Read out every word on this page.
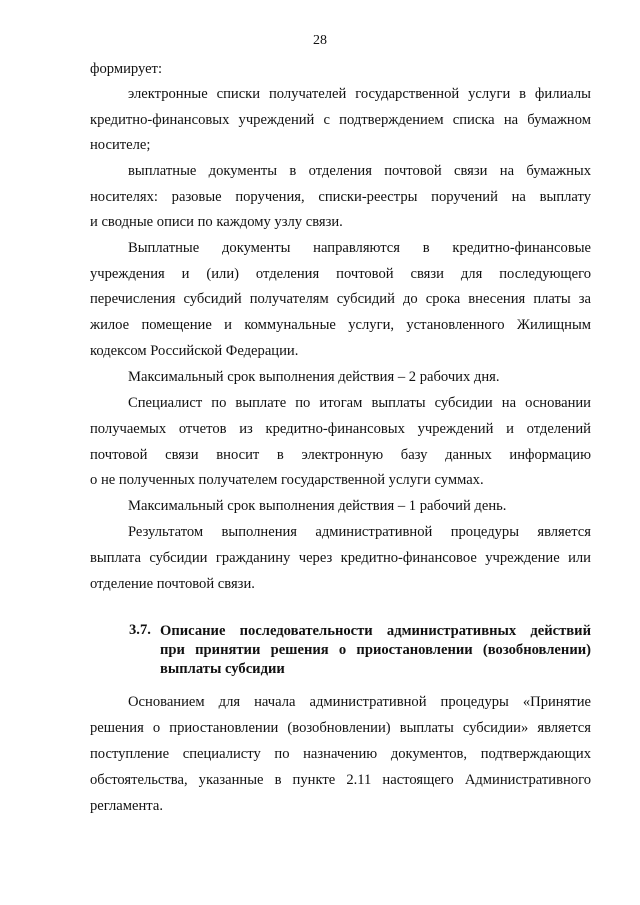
28
формирует:
электронные списки получателей государственной услуги в филиалы
кредитно-финансовых учреждений с подтверждением списка на бумажном
носителе;
выплатные документы в отделения почтовой связи на бумажных
носителях: разовые поручения, списки-реестры поручений на выплату
и сводные описи по каждому узлу связи.
Выплатные документы направляются в кредитно-финансовые
учреждения и (или) отделения почтовой связи для последующего
перечисления субсидий получателям субсидий до срока внесения платы за
жилое помещение и коммунальные услуги, установленного Жилищным
кодексом Российской Федерации.
Максимальный срок выполнения действия – 2 рабочих дня.
Специалист по выплате по итогам выплаты субсидии на основании
получаемых отчетов из кредитно-финансовых учреждений и отделений
почтовой связи вносит в электронную базу данных информацию
о не полученных получателем государственной услуги суммах.
Максимальный срок выполнения действия – 1 рабочий день.
Результатом выполнения административной процедуры является
выплата субсидии гражданину через кредитно-финансовое учреждение или
отделение почтовой связи.
3.7. Описание последовательности административных действий
при принятии решения о приостановлении (возобновлении)
выплаты субсидии
Основанием для начала административной процедуры «Принятие
решения о приостановлении (возобновлении) выплаты субсидии» является
поступление специалисту по назначению документов, подтверждающих
обстоятельства, указанные в пункте 2.11 настоящего Административного
регламента.
